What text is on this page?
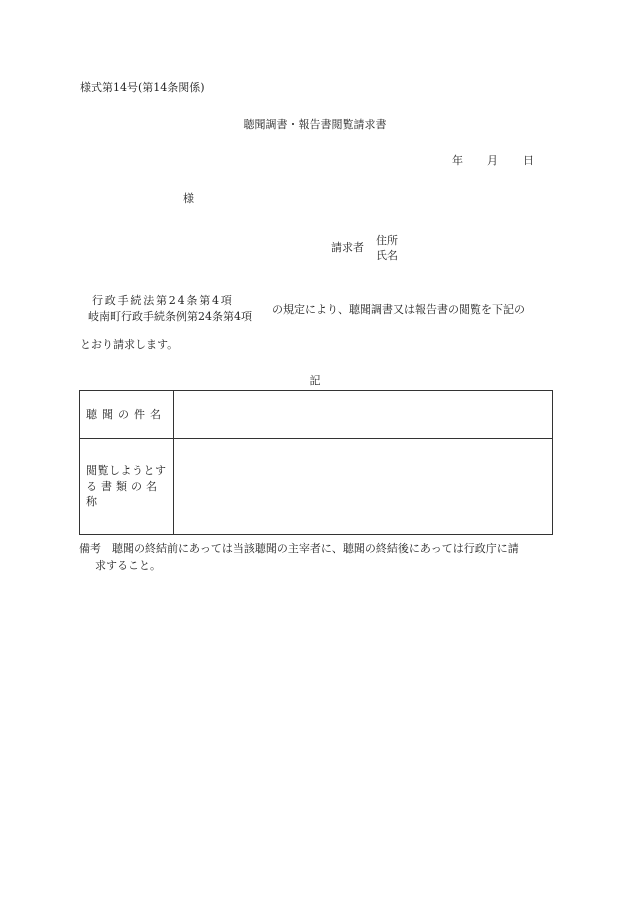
様式第14号(第14条関係)
聴聞調書・報告書閲覧請求書
年 月 日
様
請求者
住所
氏名
行政手続法第24条第4項
岐南町行政手続条例第24条第4項
の規定により、聴聞調書又は報告書の閲覧を下記の
とおり請求します。
記
聴聞の件名	

閲覧しようとす
る書類の名称	

備考　聴聞の終結前にあっては当該聴聞の主宰者に、聴聞の終結後にあっては行政庁に請
求すること。
